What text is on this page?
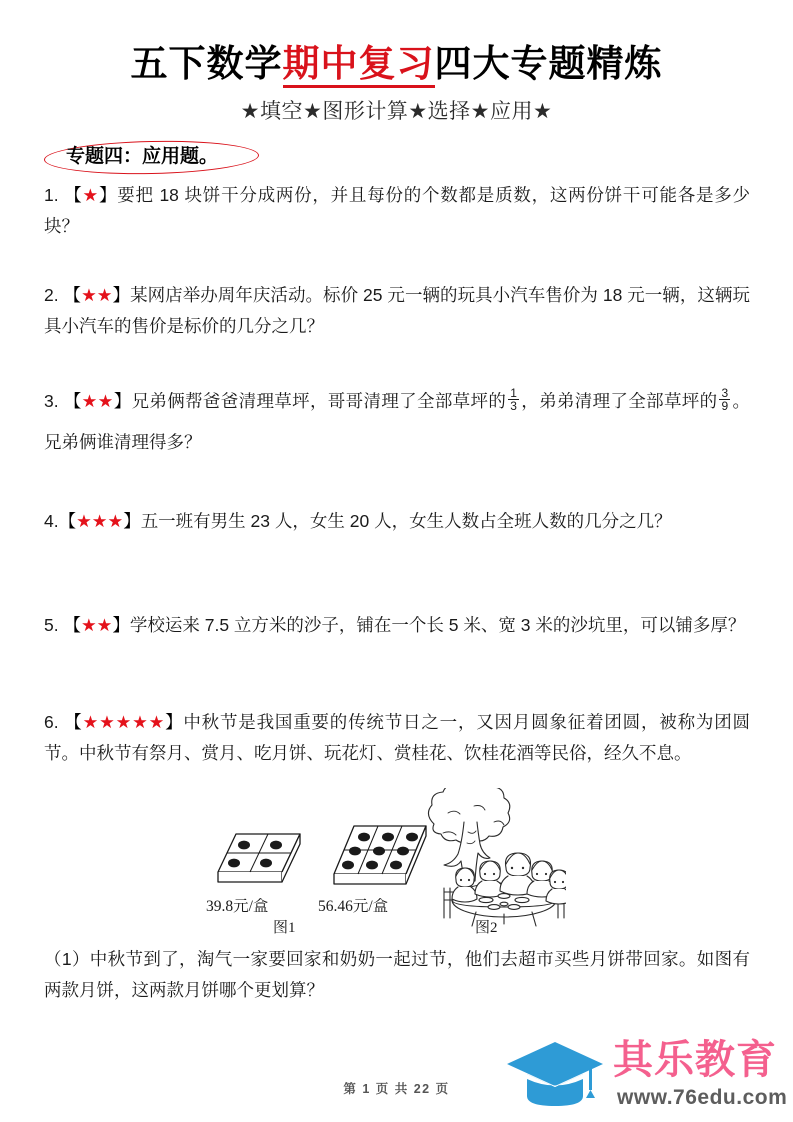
五下数学期中复习四大专题精炼
★填空★图形计算★选择★应用★
专题四：应用题。
1. 【★】要把 18 块饼干分成两份，并且每份的个数都是质数，这两份饼干可能各是多少块？
2. 【★★】某网店举办周年庆活动。标价 25 元一辆的玩具小汽车售价为 18 元一辆，这辆玩具小汽车的售价是标价的几分之几？
3. 【★★】兄弟俩帮爸爸清理草坪，哥哥清理了全部草坪的 $\frac{1}{3}$ ，弟弟清理了全部草坪的 $\frac{3}{9}$ 。兄弟俩谁清理得多？
4.【★★★】五一班有男生 23 人，女生 20 人，女生人数占全班人数的几分之几？
5. 【★★】学校运来 7.5 立方米的沙子，铺在一个长 5 米、宽 3 米的沙坑里，可以铺多厚？
6. 【★★★★★】中秋节是我国重要的传统节日之一，又因月圆象征着团圆，被称为团圆节。中秋节有祭月、赏月、吃月饼、玩花灯、赏桂花、饮桂花酒等民俗，经久不息。
39.8元/盒	56.46元/盒
图1	图2
（1）中秋节到了，淘气一家要回家和奶奶一起过节，他们去超市买些月饼带回家。如图有两款月饼，这两款月饼哪个更划算？
第 1 页 共 22 页
其乐教育
www.76edu.com
